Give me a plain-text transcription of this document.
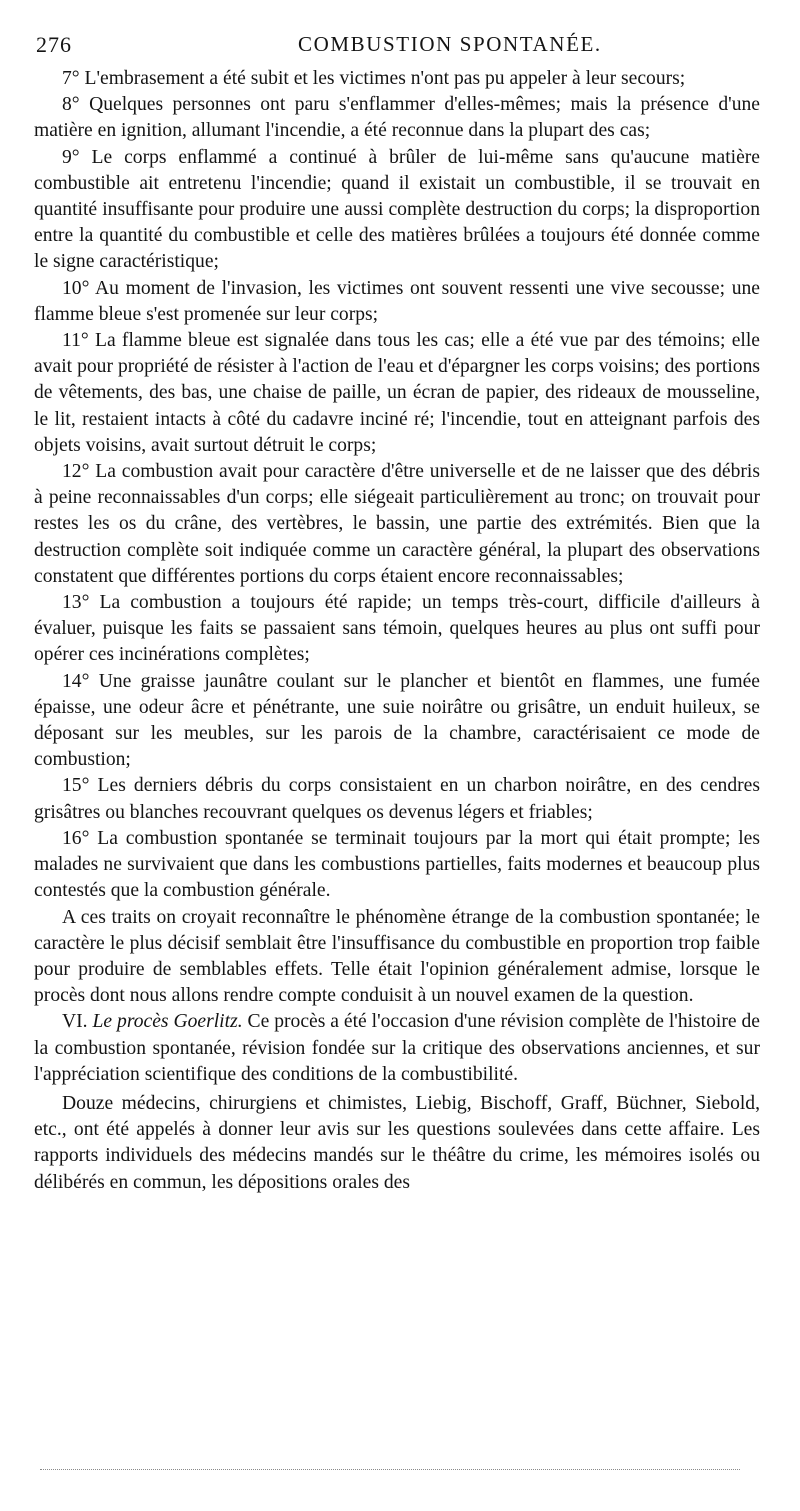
276	COMBUSTION SPONTANÉE.

7° L'embrasement a été subit et les victimes n'ont pas pu appeler à leur secours;

8° Quelques personnes ont paru s'enflammer d'elles-mêmes; mais la présence d'une matière en ignition, allumant l'incendie, a été reconnue dans la plupart des cas;

9° Le corps enflammé a continué à brûler de lui-même sans qu'aucune matière combustible ait entretenu l'incendie; quand il existait un combustible, il se trouvait en quantité insuffisante pour produire une aussi complète destruction du corps; la disproportion entre la quantité du combustible et celle des matières brûlées a toujours été donnée comme le signe caractéristique;

10° Au moment de l'invasion, les victimes ont souvent ressenti une vive secousse; une flamme bleue s'est promenée sur leur corps;

11° La flamme bleue est signalée dans tous les cas; elle a été vue par des témoins; elle avait pour propriété de résister à l'action de l'eau et d'épargner les corps voisins; des portions de vêtements, des bas, une chaise de paille, un écran de papier, des rideaux de mousseline, le lit, restaient intacts à côté du cadavre inciné ré; l'incendie, tout en atteignant parfois des objets voisins, avait surtout détruit le corps;

12° La combustion avait pour caractère d'être universelle et de ne laisser que des débris à peine reconnaissables d'un corps; elle siégeait particulièrement au tronc; on trouvait pour restes les os du crâne, des vertèbres, le bassin, une partie des extrémités. Bien que la destruction complète soit indiquée comme un caractère général, la plupart des observations constatent que différentes portions du corps étaient encore reconnaissables;

13° La combustion a toujours été rapide; un temps très-court, difficile d'ailleurs à évaluer, puisque les faits se passaient sans témoin, quelques heures au plus ont suffi pour opérer ces incinérations complètes;

14° Une graisse jaunâtre coulant sur le plancher et bientôt en flammes, une fumée épaisse, une odeur âcre et pénétrante, une suie noirâtre ou grisâtre, un enduit huileux, se déposant sur les meubles, sur les parois de la chambre, caractérisaient ce mode de combustion;

15° Les derniers débris du corps consistaient en un charbon noirâtre, en des cendres grisâtres ou blanches recouvrant quelques os devenus légers et friables;

16° La combustion spontanée se terminait toujours par la mort qui était prompte; les malades ne survivaient que dans les combustions partielles, faits modernes et beaucoup plus contestés que la combustion générale.

A ces traits on croyait reconnaître le phénomène étrange de la combustion spontanée; le caractère le plus décisif semblait être l'insuffisance du combustible en proportion trop faible pour produire de semblables effets. Telle était l'opinion généralement admise, lorsque le procès dont nous allons rendre compte conduisit à un nouvel examen de la question.

VI. Le procès Goerlitz. Ce procès a été l'occasion d'une révision complète de l'histoire de la combustion spontanée, révision fondée sur la critique des observations anciennes, et sur l'appréciation scientifique des conditions de la combustibilité.

Douze médecins, chirurgiens et chimistes, Liebig, Bischoff, Graff, Büchner, Siebold, etc., ont été appelés à donner leur avis sur les questions soulevées dans cette affaire. Les rapports individuels des médecins mandés sur le théâtre du crime, les mémoires isolés ou délibérés en commun, les dépositions orales des
